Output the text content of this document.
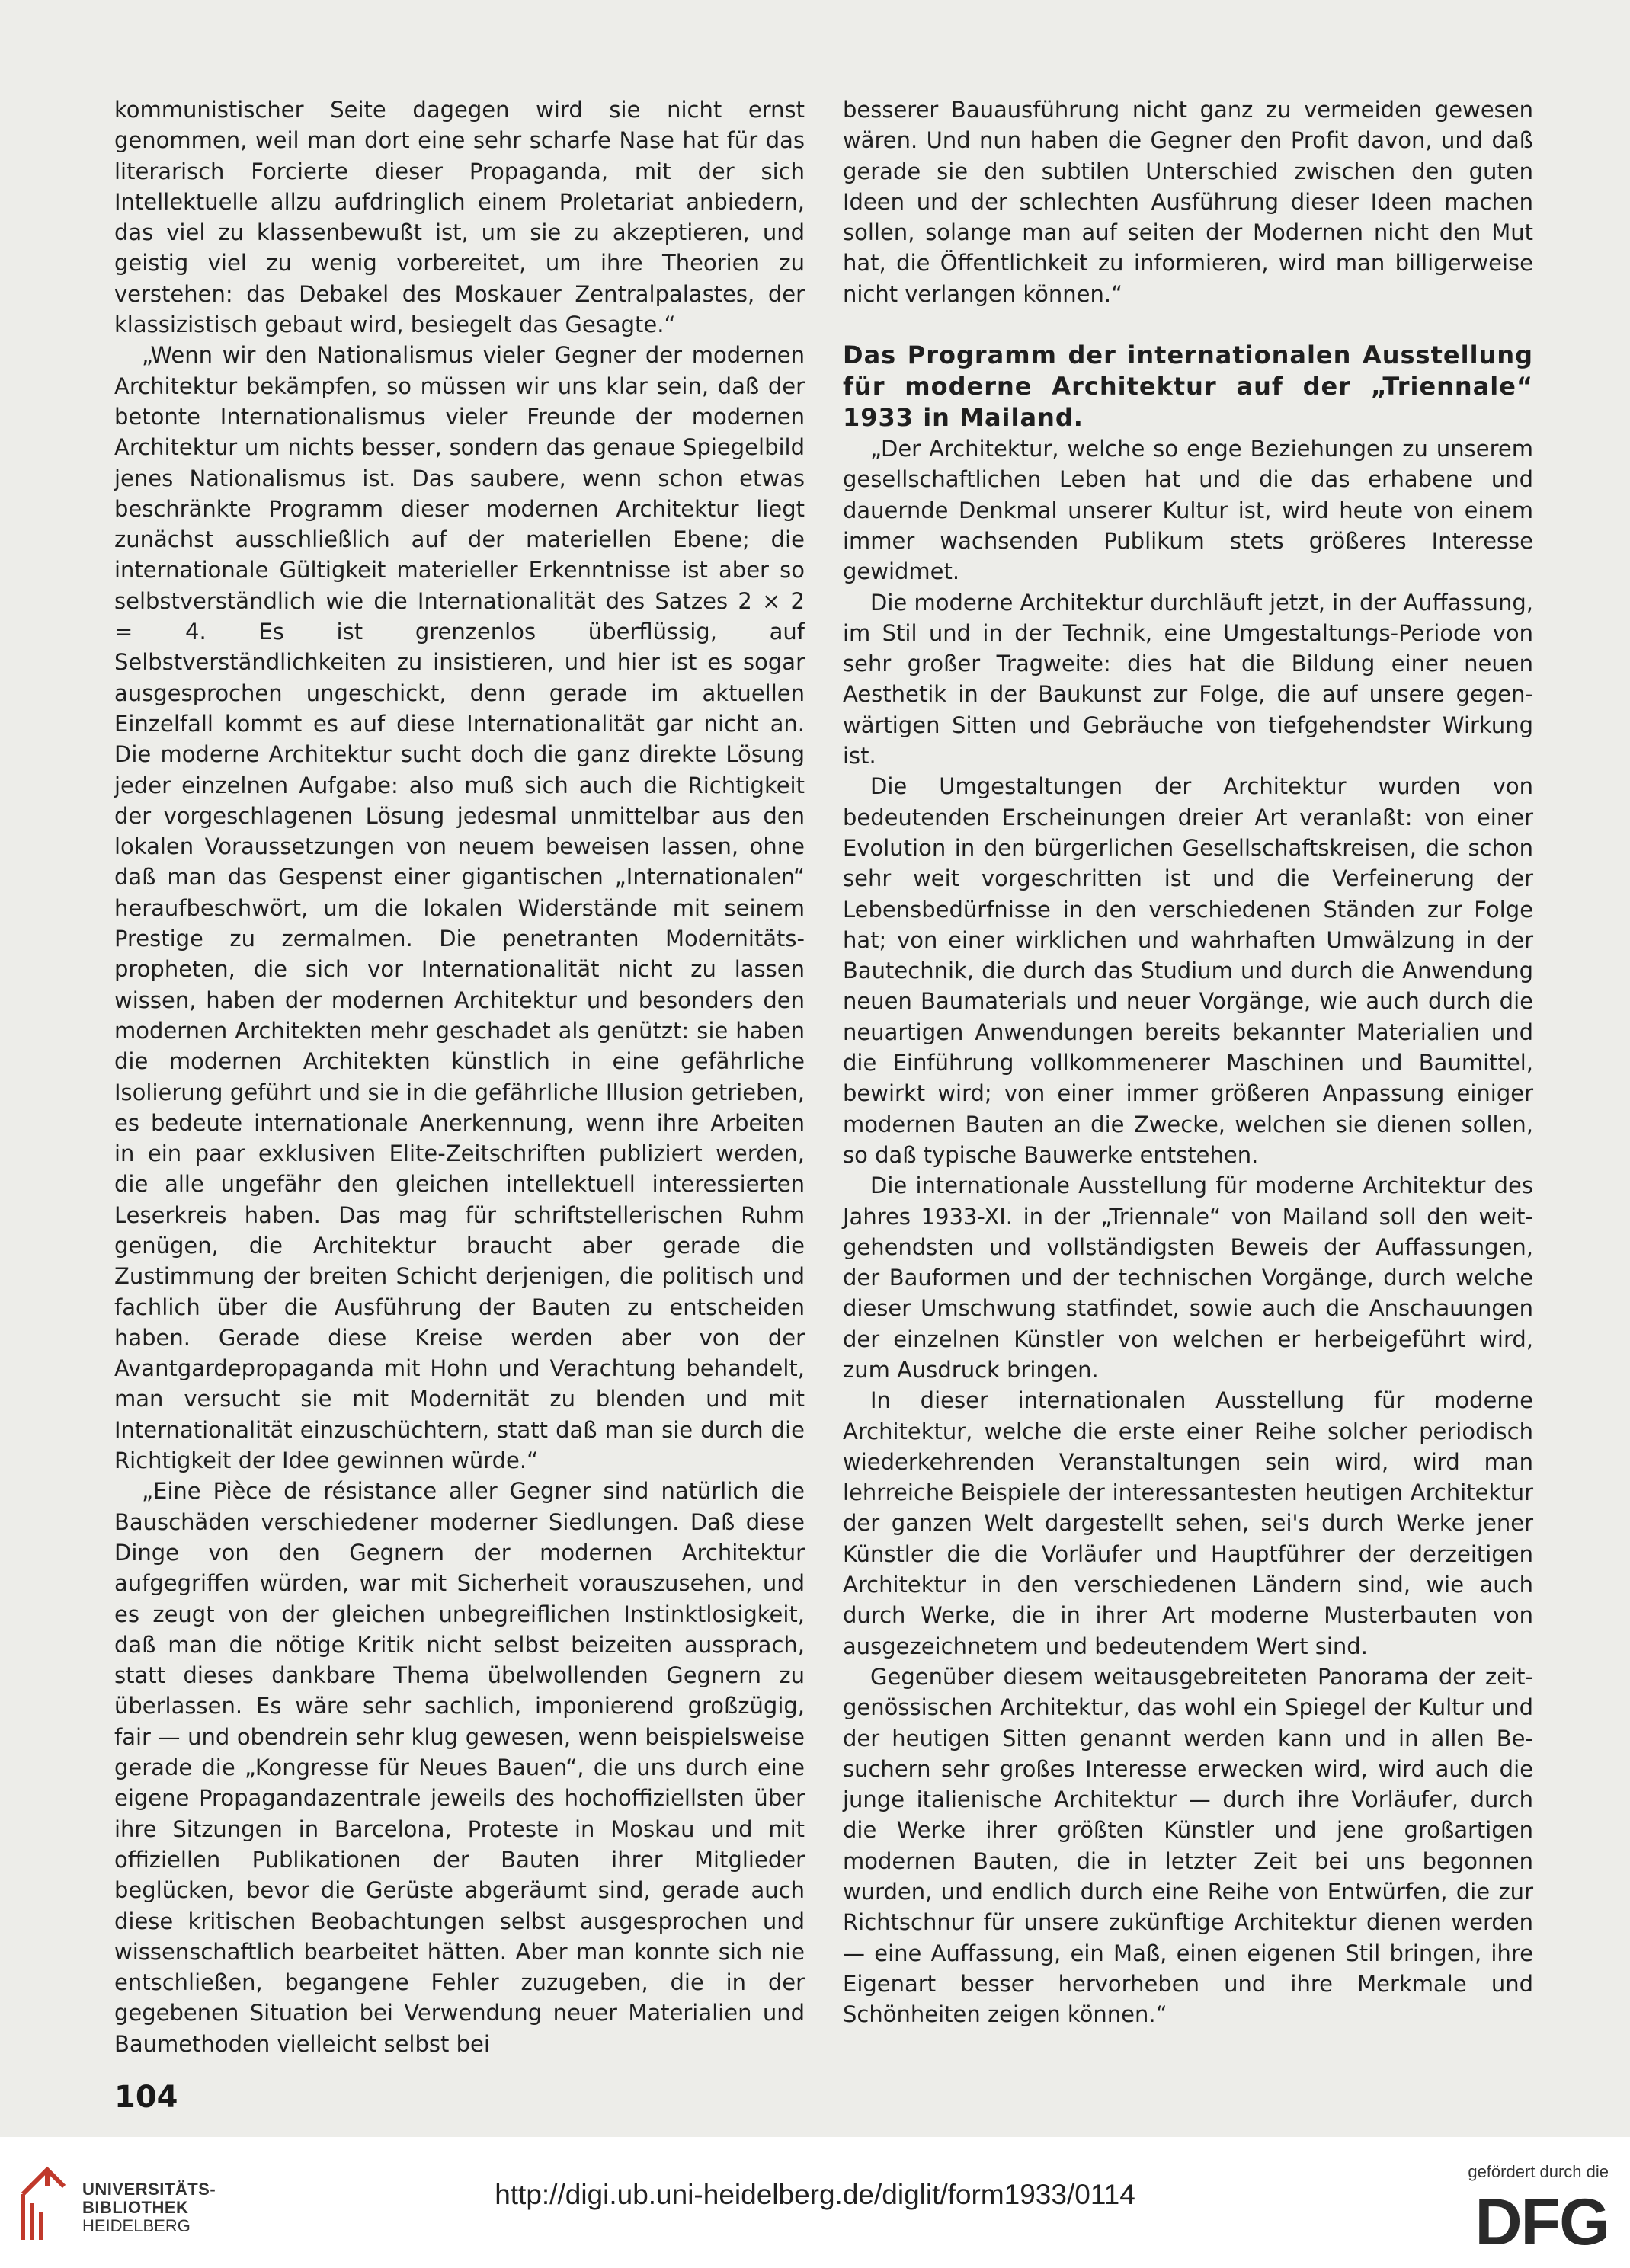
kommunistischer Seite dagegen wird sie nicht ernst genommen, weil man dort eine sehr scharfe Nase hat für das literarisch Forcierte dieser Propaganda, mit der sich Intellektuelle allzu aufdringlich einem Proletariat anbiedern, das viel zu klassenbewußt ist, um sie zu akzeptieren, und geistig viel zu wenig vorbereitet, um ihre Theorien zu verstehen: das Debakel des Moskauer Zentralpalastes, der klassizistisch gebaut wird, besiegelt das Gesagte.“

„Wenn wir den Nationalismus vieler Gegner der modernen Architektur bekämpfen, so müssen wir uns klar sein, daß der betonte Internationalismus vieler Freunde der modernen Architektur um nichts besser, sondern das genaue Spiegelbild jenes Nationalismus ist. Das saubere, wenn schon etwas beschränkte Programm dieser modernen Architektur liegt zunächst ausschließlich auf der materiellen Ebene; die internationale Gültigkeit materieller Erkenntnisse ist aber so selbstverständlich wie die Internationalität des Satzes 2 × 2 = 4. Es ist grenzenlos überflüssig, auf Selbstverständlichkeiten zu insistieren, und hier ist es sogar ausgesprochen ungeschickt, denn gerade im aktuellen Einzelfall kommt es auf diese Internationalität gar nicht an. Die moderne Architektur sucht doch die ganz direkte Lösung jeder einzelnen Aufgabe: also muß sich auch die Richtigkeit der vorgeschlagenen Lösung jedesmal unmittelbar aus den lokalen Voraussetzungen von neuem beweisen lassen, ohne daß man das Gespenst einer gigantischen „Internationalen“ heraufbeschwört, um die lokalen Widerstände mit seinem Prestige zu zermalmen. Die penetranten Modernitätspropheten, die sich vor Internationalität nicht zu lassen wissen, haben der modernen Architektur und besonders den modernen Architekten mehr geschadet als genützt: sie haben die modernen Architekten künstlich in eine gefährliche Isolierung geführt und sie in die gefährliche Illusion getrieben, es bedeute internationale Anerkennung, wenn ihre Arbeiten in ein paar exklusiven Elite-Zeitschriften publiziert werden, die alle ungefähr den gleichen intellektuell interessierten Leserkreis haben. Das mag für schriftstellerischen Ruhm genügen, die Architektur braucht aber gerade die Zustimmung der breiten Schicht derjenigen, die politisch und fachlich über die Ausführung der Bauten zu entscheiden haben. Gerade diese Kreise werden aber von der Avantgardepropaganda mit Hohn und Verachtung behandelt, man versucht sie mit Modernität zu blenden und mit Internationalität einzuschüchtern, statt daß man sie durch die Richtigkeit der Idee gewinnen würde.“

„Eine Pièce de résistance aller Gegner sind natürlich die Bauschäden verschiedener moderner Siedlungen. Daß diese Dinge von den Gegnern der modernen Architektur aufgegriffen würden, war mit Sicherheit vorauszusehen, und es zeugt von der gleichen unbegreiflichen Instinktlosigkeit, daß man die nötige Kritik nicht selbst beizeiten aussprach, statt dieses dankbare Thema übelwollenden Gegnern zu überlassen. Es wäre sehr sachlich, imponierend großzügig, fair — und obendrein sehr klug gewesen, wenn beispielsweise gerade die „Kongresse für Neues Bauen“, die uns durch eine eigene Propagandazentrale jeweils des hochoffiziellsten über ihre Sitzungen in Barcelona, Proteste in Moskau und mit offiziellen Publikationen der Bauten ihrer Mitglieder beglücken, bevor die Gerüste abgeräumt sind, gerade auch diese kritischen Beobachtungen selbst ausgesprochen und wissenschaftlich bearbeitet hätten. Aber man konnte sich nie entschließen, begangene Fehler zuzugeben, die in der gegebenen Situation bei Verwendung neuer Materialien und Baumethoden vielleicht selbst bei

besserer Bauausführung nicht ganz zu vermeiden gewesen wären. Und nun haben die Gegner den Profit davon, und daß gerade sie den subtilen Unterschied zwischen den guten Ideen und der schlechten Ausführung dieser Ideen machen sollen, solange man auf seiten der Modernen nicht den Mut hat, die Öffentlichkeit zu informieren, wird man billigerweise nicht verlangen können.“

Das Programm der internationalen Ausstellung für moderne Architektur auf der „Triennale“ 1933 in Mailand.

„Der Architektur, welche so enge Beziehungen zu unserem gesellschaftlichen Leben hat und die das erhabene und dauernde Denkmal unserer Kultur ist, wird heute von einem immer wachsenden Publikum stets größeres Interesse gewidmet.

Die moderne Architektur durchläuft jetzt, in der Auffassung, im Stil und in der Technik, eine Umgestaltungs-Periode von sehr großer Tragweite: dies hat die Bildung einer neuen Aesthetik in der Baukunst zur Folge, die auf unsere gegenwärtigen Sitten und Gebräuche von tiefgehendster Wirkung ist.

Die Umgestaltungen der Architektur wurden von bedeutenden Erscheinungen dreier Art veranlaßt: von einer Evolution in den bürgerlichen Gesellschaftskreisen, die schon sehr weit vorgeschritten ist und die Verfeinerung der Lebensbedürfnisse in den verschiedenen Ständen zur Folge hat; von einer wirklichen und wahrhaften Umwälzung in der Bautechnik, die durch das Studium und durch die Anwendung neuen Baumaterials und neuer Vorgänge, wie auch durch die neuartigen Anwendungen bereits bekannter Materialien und die Einführung vollkommenerer Maschinen und Baumittel, bewirkt wird; von einer immer größeren Anpassung einiger modernen Bauten an die Zwecke, welchen sie dienen sollen, so daß typische Bauwerke entstehen.

Die internationale Ausstellung für moderne Architektur des Jahres 1933-XI. in der „Triennale“ von Mailand soll den weitgehendsten und vollständigsten Beweis der Auffassungen, der Bauformen und der technischen Vorgänge, durch welche dieser Umschwung statfindet, sowie auch die Anschauungen der einzelnen Künstler von welchen er herbeigeführt wird, zum Ausdruck bringen.

In dieser internationalen Ausstellung für moderne Architektur, welche die erste einer Reihe solcher periodisch wiederkehrenden Veranstaltungen sein wird, wird man lehrreiche Beispiele der interessantesten heutigen Architektur der ganzen Welt dargestellt sehen, sei's durch Werke jener Künstler die die Vorläufer und Hauptführer der derzeitigen Architektur in den verschiedenen Ländern sind, wie auch durch Werke, die in ihrer Art moderne Musterbauten von ausgezeichnetem und bedeutendem Wert sind.

Gegenüber diesem weitausgebreiteten Panorama der zeitgenössischen Architektur, das wohl ein Spiegel der Kultur und der heutigen Sitten genannt werden kann und in allen Besuchern sehr großes Interesse erwecken wird, wird auch die junge italienische Architektur — durch ihre Vorläufer, durch die Werke ihrer größten Künstler und jene großartigen modernen Bauten, die in letzter Zeit bei uns begonnen wurden, und endlich durch eine Reihe von Entwürfen, die zur Richtschnur für unsere zukünftige Architektur dienen werden — eine Auffassung, ein Maß, einen eigenen Stil bringen, ihre Eigenart besser hervorheben und ihre Merkmale und Schönheiten zeigen können.“

104
UNIVERSITÄTS-
BIBLIOTHEK
HEIDELBERG
http://digi.ub.uni-heidelberg.de/diglit/form1933/0114
gefördert durch die
DFG
